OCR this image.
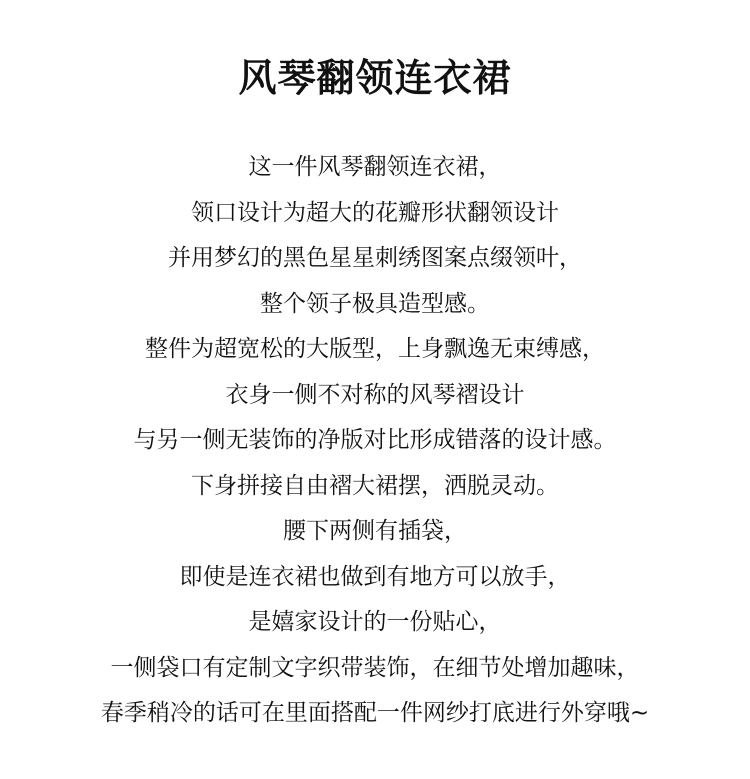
风琴翻领连衣裙
这一件风琴翻领连衣裙，
领口设计为超大的花瓣形状翻领设计
并用梦幻的黑色星星刺绣图案点缀领叶，
整个领子极具造型感。
整件为超宽松的大版型，上身飘逸无束缚感，
衣身一侧不对称的风琴褶设计
与另一侧无装饰的净版对比形成错落的设计感。
下身拼接自由褶大裙摆，洒脱灵动。
腰下两侧有插袋，
即使是连衣裙也做到有地方可以放手，
是嬉家设计的一份贴心，
一侧袋口有定制文字织带装饰，在细节处增加趣味，
春季稍冷的话可在里面搭配一件网纱打底进行外穿哦~
